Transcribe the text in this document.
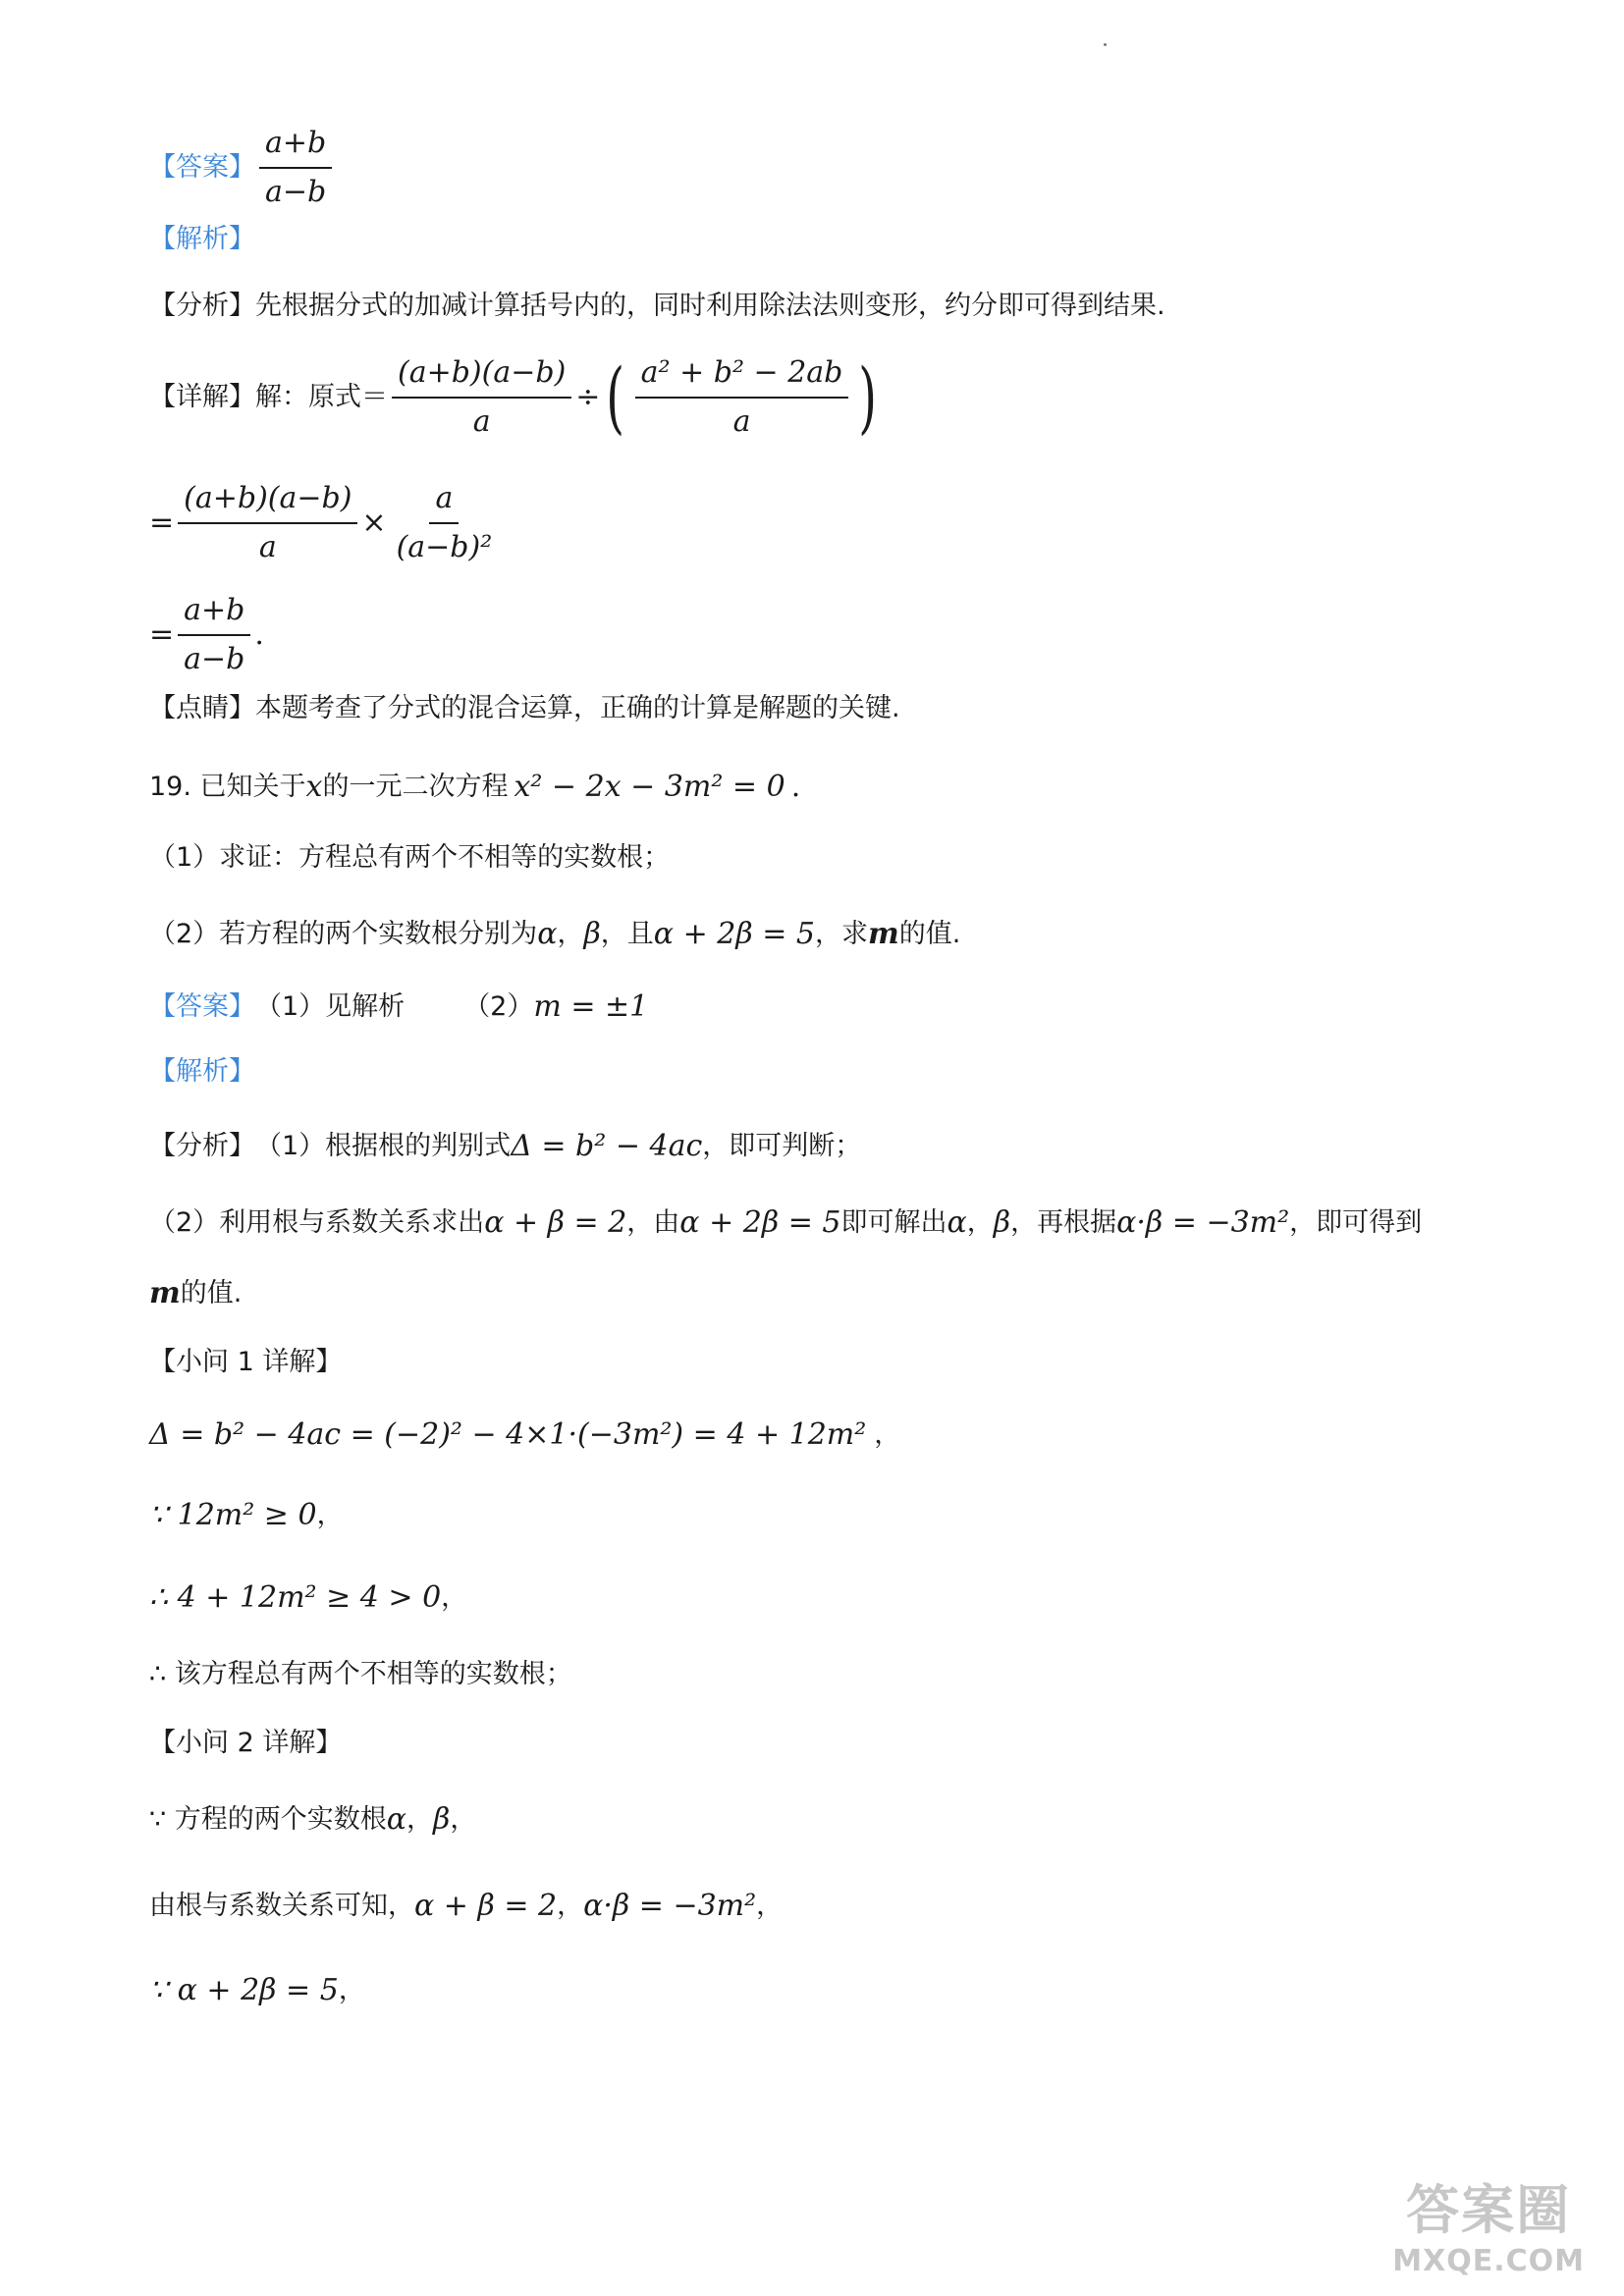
【答案】 $\frac{a+b}{a-b}$
【解析】
【分析】 先根据分式的加减计算括号内的，同时利用除法法则变形，约分即可得到结果.
【详解】 解：原式＝ $\frac{(a+b)(a-b)}{a}$ ÷ ( $\frac{\text{a² + b² − 2ab}}{a}$ )
= $\frac{(a+b)(a-b)}{a} \times \frac{a}{\text{(a−b)²}}$
= $\frac{a+b}{a-b}$ .
【点睛】 本题考查了分式的混合运算，正确的计算是解题的关键.
19. 已知关于 x 的一元二次方程 x² − 2x − 3m² = 0 .
（1）求证：方程总有两个不相等的实数根；
（2）若方程的两个实数根分别为 α ， β ，且 α + 2β = 5 ，求 m 的值.
【答案】 （1）见解析 （2） m = ±1
【解析】
【分析】 （1）根据根的判别式 Δ = b² − 4ac ，即可判断；
（2）利用根与系数关系求出 α + β = 2 ，由 α + 2β = 5 即可解出 α ， β ，再根据 α·β = −3m² ，即可得到
m 的值.
【小问 1 详解】
Δ = b² − 4ac = (−2)² − 4×1·(−3m²) = 4 + 12m² ，
∵ 12m² ≥ 0 ，
∴ 4 + 12m² ≥ 4 > 0 ，
∴ 该方程总有两个不相等的实数根；
【小问 2 详解】
∵ 方程的两个实数根 α ， β ，
由根与系数关系可知， α + β = 2 ， α·β = −3m² ，
∵ α + 2β = 5 ，
答案圈
MXQE.COM
